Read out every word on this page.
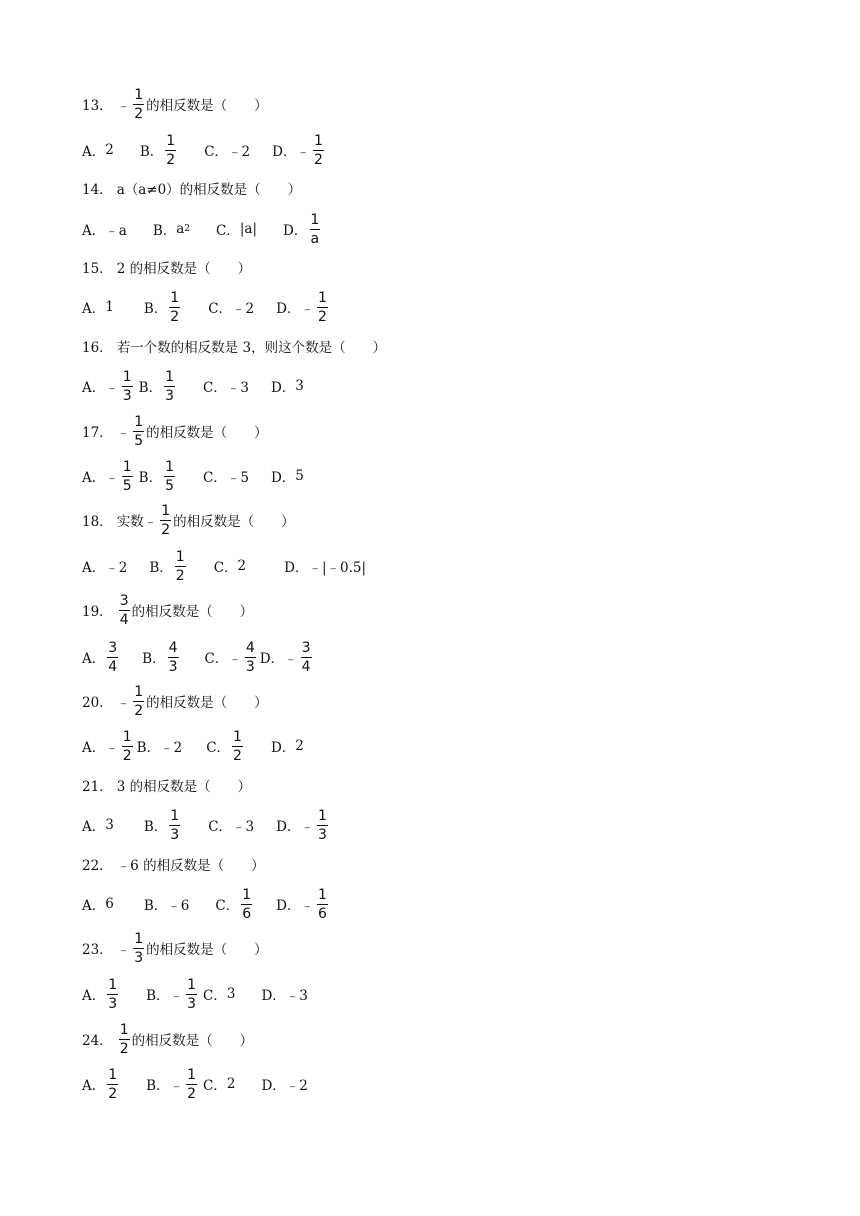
13． ﹣ $\frac{1}{2}$ 的相反数是（　　）
A． 2 B． $\frac{1}{2}$ C． ﹣2 D． ﹣ $\frac{1}{2}$
14． a（a≠0）的相反数是（　　）
A． ﹣a B． a 2 C． |a| D． $\frac{1}{a}$
15． 2 的相反数是（　　）
A． 1 B． $\frac{1}{2}$ C． ﹣2 D． ﹣ $\frac{1}{2}$
16． 若一个数的相反数是 3，则这个数是（　　）
A． ﹣ $\frac{1}{3}$ B． $\frac{1}{3}$ C． ﹣3 D． 3
17． ﹣ $\frac{1}{5}$ 的相反数是（　　）
A． ﹣ $\frac{1}{5}$ B． $\frac{1}{5}$ C． ﹣5 D． 5
18． 实数 ﹣ $\frac{1}{2}$ 的相反数是（　　）
A． ﹣2 B． $\frac{1}{2}$ C． 2	D． ﹣|﹣0.5|
19． $\frac{3}{4}$ 的相反数是（　　）
A． $\frac{3}{4}$ B． $\frac{4}{3}$ C． ﹣ $\frac{4}{3}$ D． ﹣ $\frac{3}{4}$
20． ﹣ $\frac{1}{2}$ 的相反数是（　　）
A． ﹣ $\frac{1}{2}$ B． ﹣2 C． $\frac{1}{2}$ D． 2
21． 3 的相反数是（　　）
A． 3 B． $\frac{1}{3}$ C． ﹣3 D． ﹣ $\frac{1}{3}$
22． ﹣6 的相反数是（　　）
A． 6 B． ﹣6 C． $\frac{1}{6}$ D． ﹣ $\frac{1}{6}$
23． ﹣ $\frac{1}{3}$ 的相反数是（　　）
A． $\frac{1}{3}$ B． ﹣ $\frac{1}{3}$ C． 3 D． ﹣3
24． $\frac{1}{2}$ 的相反数是（　　）
A． $\frac{1}{2}$ B． ﹣ $\frac{1}{2}$ C． 2 D． ﹣2
